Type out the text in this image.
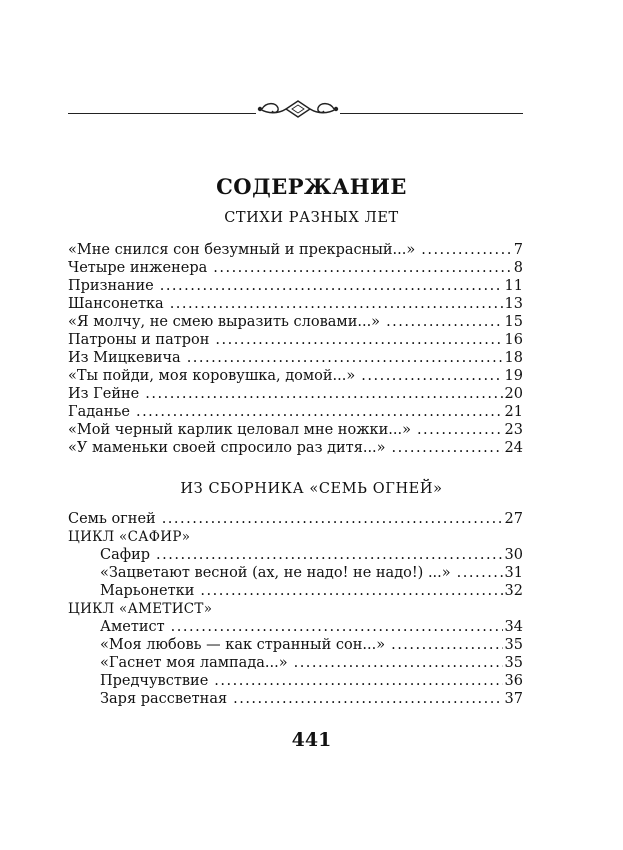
СОДЕРЖАНИЕ
СТИХИ РАЗНЫХ ЛЕТ
«Мне снился сон безумный и прекрасный...» .....	7
Четыре инженера .....	8
Признание .....	11
Шансонетка .....	13
«Я молчу, не смею выразить словами...» .....	15
Патроны и патрон .....	16
Из Мицкевича .....	18
«Ты пойди, моя коровушка, домой...» .....	19
Из Гейне .....	20
Гаданье .....	21
«Мой черный карлик целовал мне ножки...» .....	23
«У маменьки своей спросило раз дитя...» .....	24
ИЗ СБОРНИКА «СЕМЬ ОГНЕЙ»
Семь огней .....	27
ЦИКЛ «САФИР»
Сафир .....	30
«Зацветают весной (ах, не надо! не надо!) ...» .....	31
Марьонетки .....	32
ЦИКЛ «АМЕТИСТ»
Аметист .....	34
«Моя любовь — как странный сон...» .....	35
«Гаснет моя лампада...» .....	35
Предчувствие .....	36
Заря рассветная .....	37
441
